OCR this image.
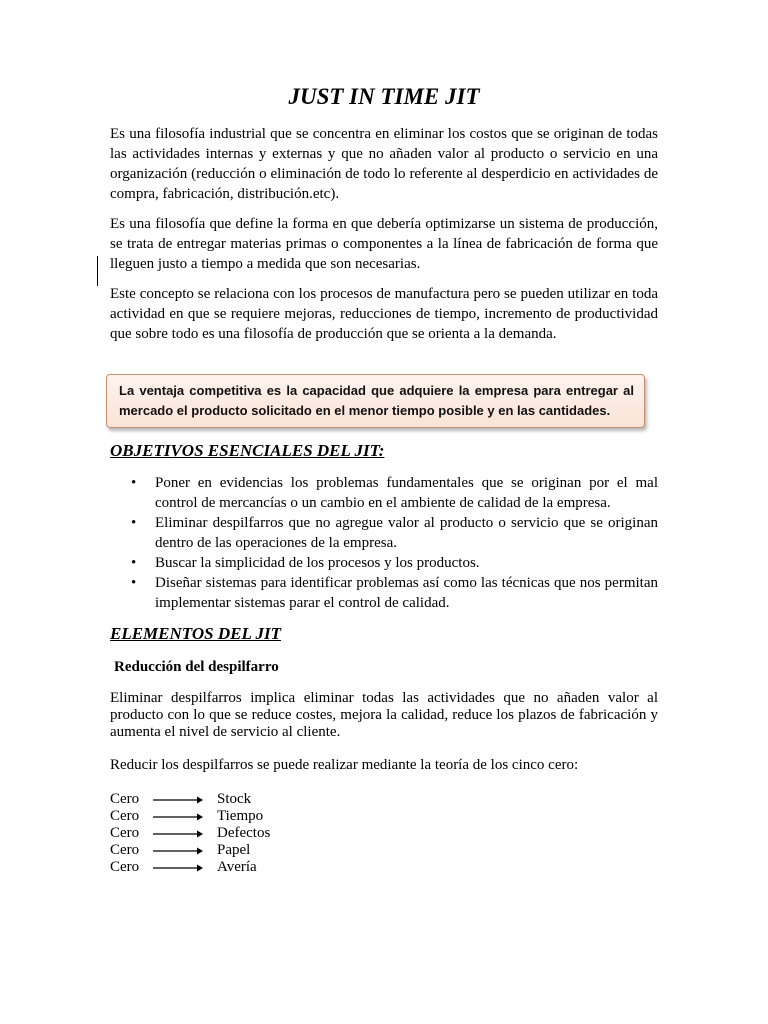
JUST IN TIME JIT

Es una filosofía industrial que se concentra en eliminar los costos que se originan de todas las actividades internas y externas y que no añaden valor al producto o servicio en una organización (reducción o eliminación de todo lo referente al desperdicio en actividades de compra, fabricación, distribución.etc).

Es una filosofía que define la forma en que debería optimizarse un sistema de producción, se trata de entregar materias primas o componentes a la línea de fabricación de forma que lleguen justo a tiempo a medida que son necesarias.

Este concepto se relaciona con los procesos de manufactura pero se pueden utilizar en toda actividad en que se requiere mejoras, reducciones de tiempo, incremento de productividad que sobre todo es una filosofía de producción que se orienta a la demanda.

La ventaja competitiva es la capacidad que adquiere la empresa para entregar al mercado el producto solicitado en el menor tiempo posible y en las cantidades.

OBJETIVOS ESENCIALES DEL JIT:

• Poner en evidencias los problemas fundamentales que se originan por el mal control de mercancías o un cambio en el ambiente de calidad de la empresa.
• Eliminar despilfarros que no agregue valor al producto o servicio que se originan dentro de las operaciones de la empresa.
• Buscar la simplicidad de los procesos y los productos.
• Diseñar sistemas para identificar problemas así como las técnicas que nos permitan implementar sistemas parar el control de calidad.

ELEMENTOS DEL JIT

Reducción del despilfarro

Eliminar despilfarros implica eliminar todas las actividades que no añaden valor al producto con lo que se reduce costes, mejora la calidad, reduce los plazos de fabricación y aumenta el nivel de servicio al cliente.

Reducir los despilfarros se puede realizar mediante la teoría de los cinco cero:

Cero	Stock
Cero	Tiempo
Cero	Defectos
Cero	Papel
Cero	Avería
